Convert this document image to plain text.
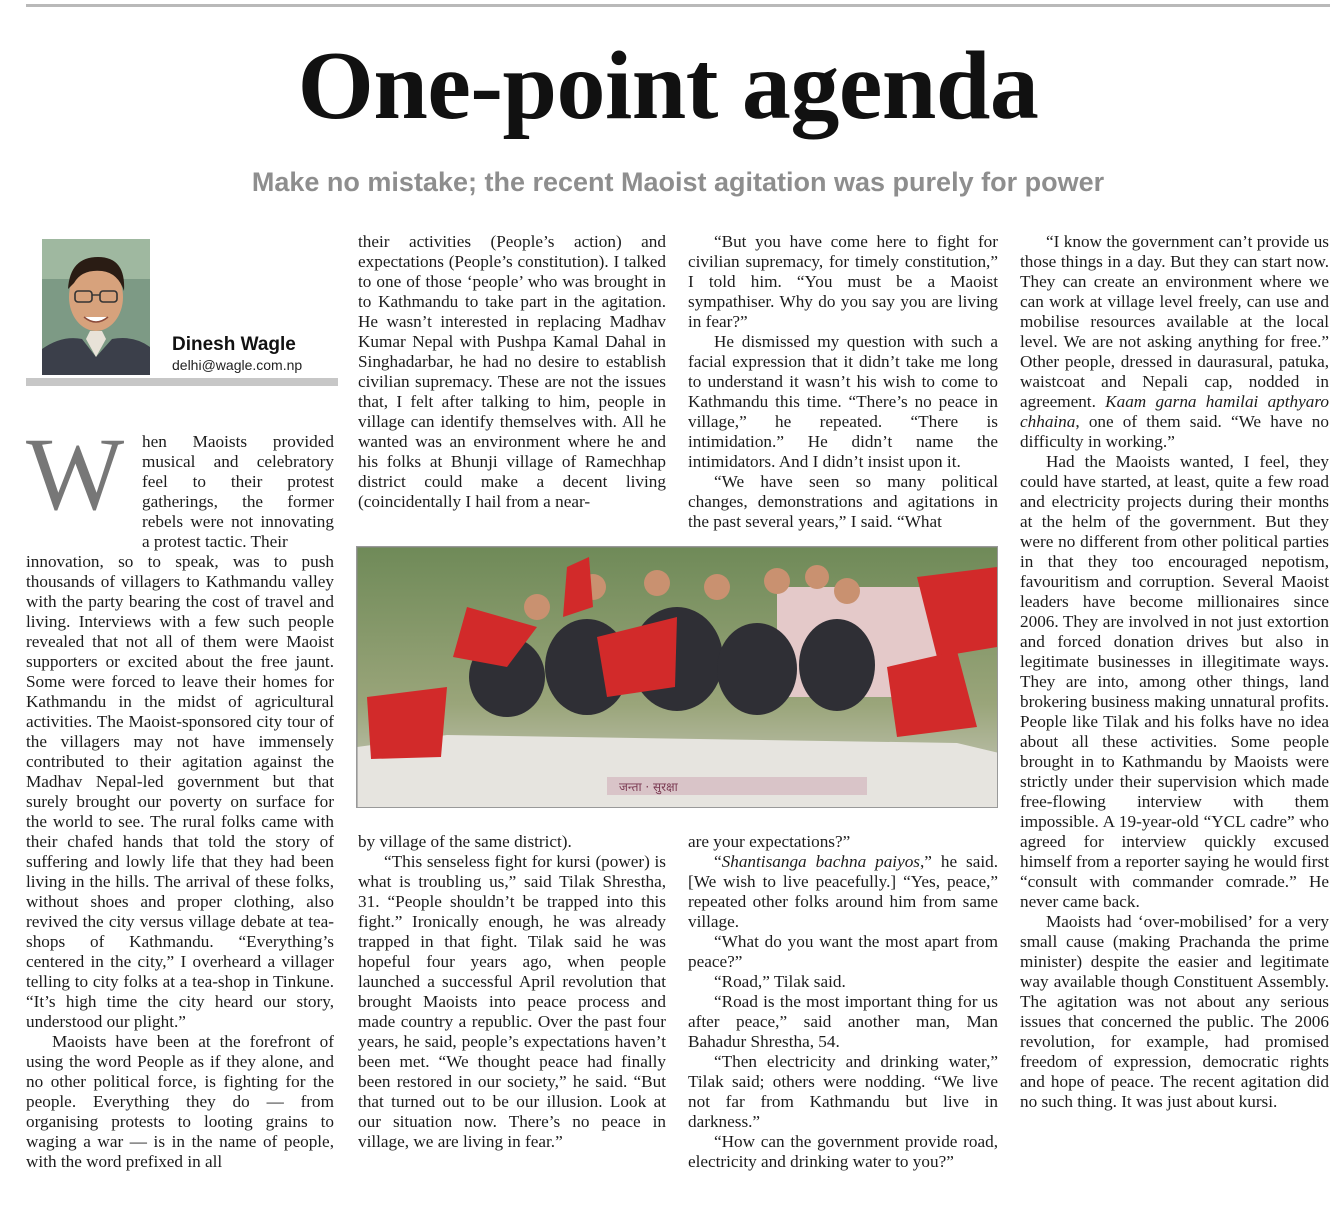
One-point agenda
Make no mistake; the recent Maoist agitation was purely for power
Dinesh Wagle
delhi@wagle.com.np
W hen Maoists provided musical and celebratory feel to their protest gatherings, the former rebels were not innovating a protest tactic. Their

innovation, so to speak, was to push thousands of villagers to Kathmandu valley with the party bearing the cost of travel and living. Interviews with a few such people revealed that not all of them were Maoist supporters or excited about the free jaunt. Some were forced to leave their homes for Kathmandu in the midst of agricultural activities. The Maoist-sponsored city tour of the villagers may not have immensely contributed to their agitation against the Madhav Nepal-led government but that surely brought our poverty on surface for the world to see. The rural folks came with their chafed hands that told the story of suffering and lowly life that they had been living in the hills. The arrival of these folks, without shoes and proper clothing, also revived the city versus village debate at tea-shops of Kathmandu. “Everything’s centered in the city,” I overheard a villager telling to city folks at a tea-shop in Tinkune. “It’s high time the city heard our story, understood our plight.”

Maoists have been at the forefront of using the word People as if they alone, and no other political force, is fighting for the people. Everything they do — from organising protests to looting grains to waging a war — is in the name of people, with the word prefixed in all

their activities (People’s action) and expectations (People’s constitution). I talked to one of those ‘people’ who was brought in to Kathmandu to take part in the agitation. He wasn’t interested in replacing Madhav Kumar Nepal with Pushpa Kamal Dahal in Singhadarbar, he had no desire to establish civilian supremacy. These are not the issues that, I felt after talking to him, people in village can identify themselves with. All he wanted was an environment where he and his folks at Bhunji village of Ramechhap district could make a decent living (coincidentally I hail from a near-

“But you have come here to fight for civilian supremacy, for timely constitution,” I told him. “You must be a Maoist sympathiser. Why do you say you are living in fear?”

He dismissed my question with such a facial expression that it didn’t take me long to understand it wasn’t his wish to come to Kathmandu this time. “There’s no peace in village,” he repeated. “There is intimidation.” He didn’t name the intimidators. And I didn’t insist upon it.

“We have seen so many political changes, demonstrations and agitations in the past several years,” I said. “What

जन्ता · सुरक्षा

by village of the same district).

“This senseless fight for kursi (power) is what is troubling us,” said Tilak Shrestha, 31. “People shouldn’t be trapped into this fight.” Ironically enough, he was already trapped in that fight. Tilak said he was hopeful four years ago, when people launched a successful April revolution that brought Maoists into peace process and made country a republic. Over the past four years, he said, people’s expectations haven’t been met. “We thought peace had finally been restored in our society,” he said. “But that turned out to be our illusion. Look at our situation now. There’s no peace in village, we are living in fear.”

are your expectations?”

“Shantisanga bachna paiyos,” he said. [We wish to live peacefully.] “Yes, peace,” repeated other folks around him from same village.

“What do you want the most apart from peace?”

“Road,” Tilak said.

“Road is the most important thing for us after peace,” said another man, Man Bahadur Shrestha, 54.

“Then electricity and drinking water,” Tilak said; others were nodding. “We live not far from Kathmandu but live in darkness.”

“How can the government provide road, electricity and drinking water to you?”

“I know the government can’t provide us those things in a day. But they can start now. They can create an environment where we can work at village level freely, can use and mobilise resources available at the local level. We are not asking anything for free.” Other people, dressed in daurasural, patuka, waistcoat and Nepali cap, nodded in agreement. Kaam garna hamilai apthyaro chhaina, one of them said. “We have no difficulty in working.”

Had the Maoists wanted, I feel, they could have started, at least, quite a few road and electricity projects during their months at the helm of the government. But they were no different from other political parties in that they too encouraged nepotism, favouritism and corruption. Several Maoist leaders have become millionaires since 2006. They are involved in not just extortion and forced donation drives but also in legitimate businesses in illegitimate ways. They are into, among other things, land brokering business making unnatural profits. People like Tilak and his folks have no idea about all these activities. Some people brought in to Kathmandu by Maoists were strictly under their supervision which made free-flowing interview with them impossible. A 19-year-old “YCL cadre” who agreed for interview quickly excused himself from a reporter saying he would first “consult with commander comrade.” He never came back.

Maoists had ‘over-mobilised’ for a very small cause (making Prachanda the prime minister) despite the easier and legitimate way available though Constituent Assembly. The agitation was not about any serious issues that concerned the public. The 2006 revolution, for example, had promised freedom of expression, democratic rights and hope of peace. The recent agitation did no such thing. It was just about kursi.
